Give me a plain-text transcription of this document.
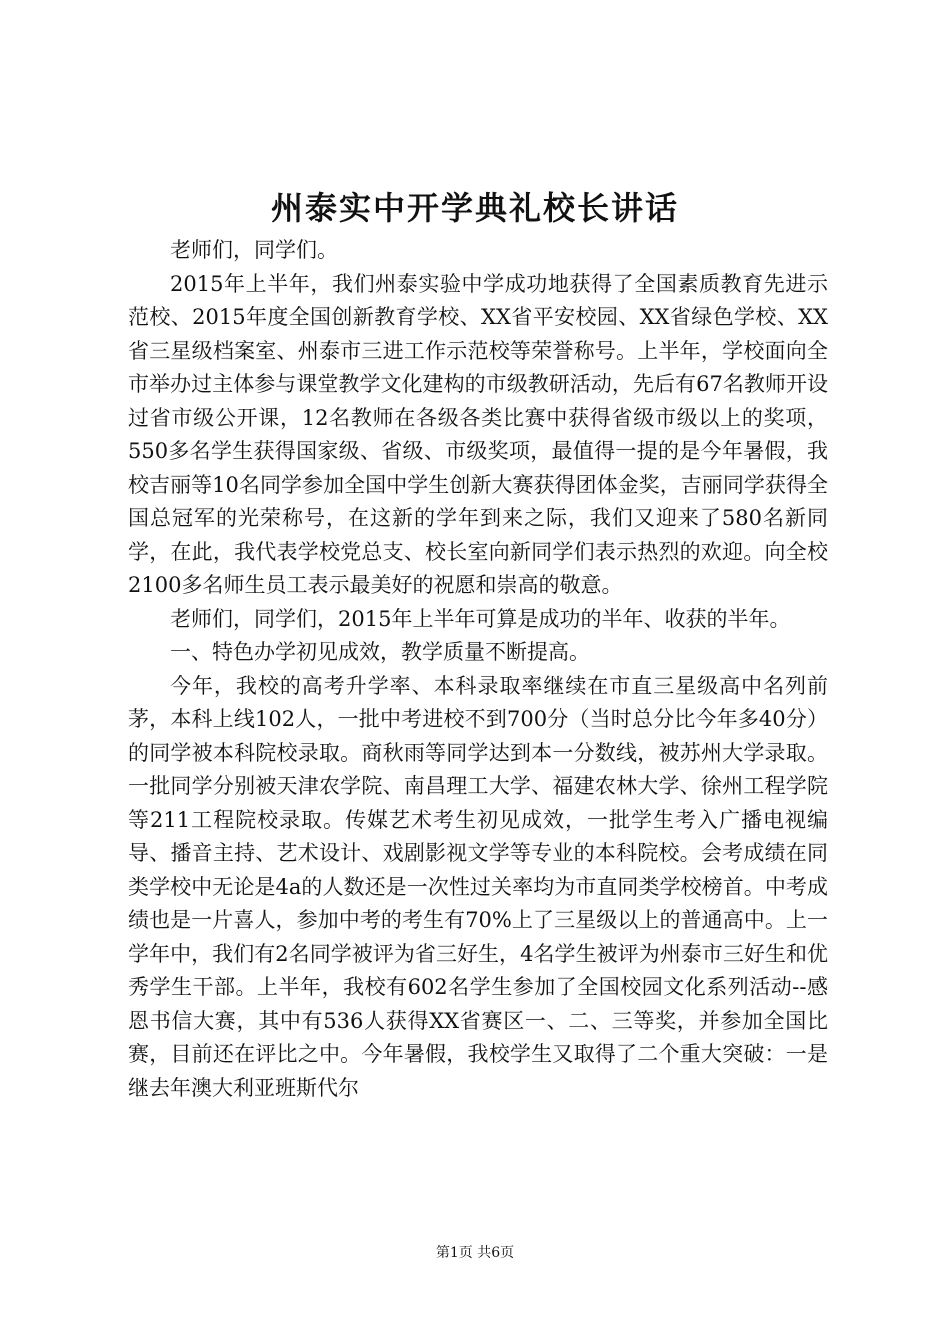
州泰实中开学典礼校长讲话

老师们，同学们。

2015年上半年，我们州泰实验中学成功地获得了全国素质教育先进示范校、2015年度全国创新教育学校、XX省平安校园、XX省绿色学校、XX省三星级档案室、州泰市三进工作示范校等荣誉称号。上半年，学校面向全市举办过主体参与课堂教学文化建构的市级教研活动，先后有67名教师开设过省市级公开课，12名教师在各级各类比赛中获得省级市级以上的奖项，550多名学生获得国家级、省级、市级奖项，最值得一提的是今年暑假，我校吉丽等10名同学参加全国中学生创新大赛获得团体金奖，吉丽同学获得全国总冠军的光荣称号，在这新的学年到来之际，我们又迎来了580名新同学，在此，我代表学校党总支、校长室向新同学们表示热烈的欢迎。向全校2100多名师生员工表示最美好的祝愿和崇高的敬意。

老师们，同学们，2015年上半年可算是成功的半年、收获的半年。

一、特色办学初见成效，教学质量不断提高。

今年，我校的高考升学率、本科录取率继续在市直三星级高中名列前茅，本科上线102人，一批中考进校不到700分（当时总分比今年多40分）的同学被本科院校录取。商秋雨等同学达到本一分数线，被苏州大学录取。一批同学分别被天津农学院、南昌理工大学、福建农林大学、徐州工程学院等211工程院校录取。传媒艺术考生初见成效，一批学生考入广播电视编导、播音主持、艺术设计、戏剧影视文学等专业的本科院校。会考成绩在同类学校中无论是4a的人数还是一次性过关率均为市直同类学校榜首。中考成绩也是一片喜人，参加中考的考生有70%上了三星级以上的普通高中。上一学年中，我们有2名同学被评为省三好生，4名学生被评为州泰市三好生和优秀学生干部。上半年，我校有602名学生参加了全国校园文化系列活动--感恩书信大赛，其中有536人获得XX省赛区一、二、三等奖，并参加全国比赛，目前还在评比之中。今年暑假，我校学生又取得了二个重大突破：一是继去年澳大利亚班斯代尔

第1页 共6页
